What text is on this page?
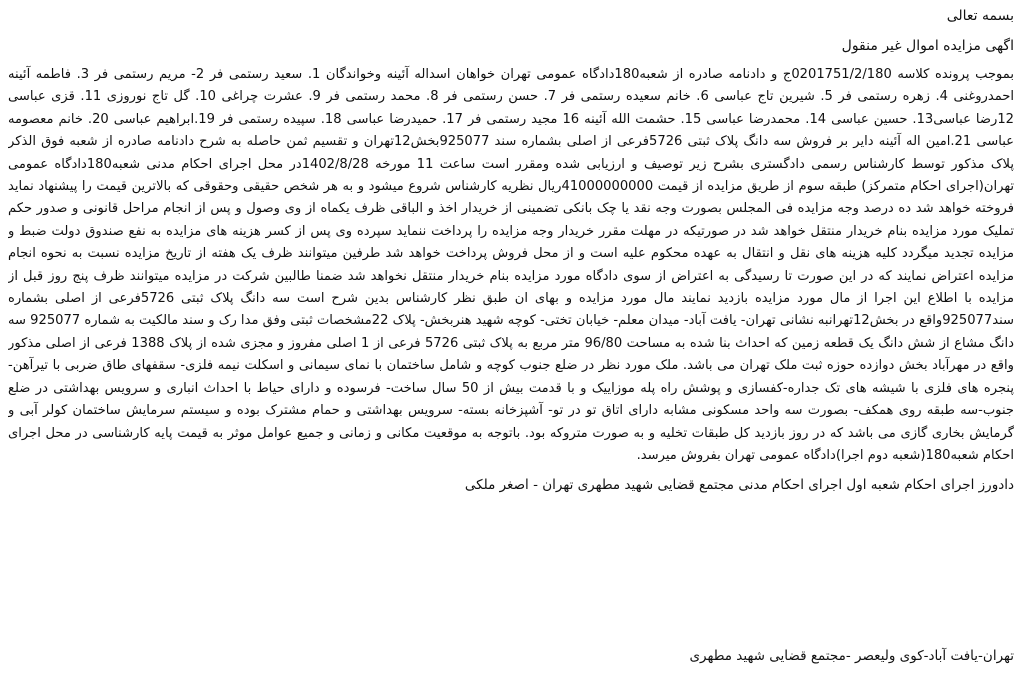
بسمه تعالی
اگهی مزایده اموال غیر منقول
بموجب پرونده کلاسه 0201751/2/180ج و دادنامه صادره از شعبه180دادگاه عمومی تهران خواهان اسداله آئینه وخواندگان 1. سعید رستمی فر 2- مریم رستمی فر 3. فاطمه آئینه احمدروغنی 4. زهره رستمی فر 5. شیرین تاج عباسی 6. خانم سعیده رستمی فر 7. حسن رستمی فر 8. محمد رستمی فر 9. عشرت چراغی 10. گل تاج نوروزی 11. قزی عباسی 12رضا عباسی13. حسین عباسی 14. محمدرضا عباسی 15. حشمت الله آئینه 16 مجید رستمی فر 17. حمیدرضا عباسی 18. سپیده رستمی فر 19.ابراهیم عباسی 20. خانم معصومه عباسی 21.امین اله آئینه دایر بر فروش سه دانگ پلاک ثبتی 5726فرعی از اصلی بشماره سند 925077بخش12تهران و تقسیم ثمن حاصله به شرح دادنامه صادره از شعبه فوق الذکر پلاک مذکور توسط کارشناس رسمی دادگستری بشرح زیر توصیف و ارزیابی شده ومقرر است ساعت 11 مورخه 1402/8/28در محل اجرای احکام مدنی شعبه180دادگاه عمومی تهران(اجرای احکام متمرکز) طبقه سوم از طریق مزایده از قیمت 41000000000ریال نظریه کارشناس شروع میشود و به هر شخص حقیقی وحقوقی که بالاترین قیمت را پیشنهاد نماید فروخته خواهد شد ده درصد وجه مزایده فی المجلس بصورت وجه نقد یا چک بانکی تضمینی از خریدار اخذ و الباقی ظرف یکماه از وی وصول و پس از انجام مراحل قانونی و صدور حکم تملیک مورد مزایده بنام خریدار منتقل خواهد شد در صورتیکه در مهلت مقرر خریدار وجه مزایده را پرداخت ننماید سپرده وی پس از کسر هزینه های مزایده به نفع صندوق دولت ضبط و مزایده تجدید میگردد کلیه هزینه های نقل و انتقال به عهده محکوم علیه است و از محل فروش پرداخت خواهد شد طرفین میتوانند ظرف یک هفته از تاریخ مزایده نسبت به نحوه انجام مزایده اعتراض نمایند که در این صورت تا رسیدگی به اعتراض از سوی دادگاه مورد مزایده بنام خریدار منتقل نخواهد شد ضمنا طالبین شرکت در مزایده میتوانند ظرف پنج روز قبل از مزایده با اطلاع این اجرا از مال مورد مزایده بازدید نمایند مال مورد مزایده و بهای ان طبق نظر کارشناس بدین شرح است سه دانگ پلاک ثبتی 5726فرعی از اصلی بشماره سند925077واقع در بخش12تهرانبه نشانی تهران- یافت آباد- میدان معلم- خیابان تختی- کوچه شهید هنربخش- پلاک 22مشخصات ثبتی وفق مدا رک و سند مالکیت به شماره 925077 سه دانگ مشاع از شش دانگ یک قطعه زمین که احداث بنا شده به مساحت 96/80 متر مربع به پلاک ثبتی 5726 فرعی از 1 اصلی مفروز و مجزی شده از پلاک 1388 فرعی از اصلی مذکور واقع در مهرآباد بخش دوازده حوزه ثبت ملک تهران می باشد. ملک مورد نظر در ضلع جنوب کوچه و شامل ساختمان با نمای سیمانی و اسکلت نیمه فلزی- سقفهای طاق ضربی با تیرآهن-پنجره های فلزی با شیشه های تک جداره-کفسازی و پوشش راه پله موزاییک و با قدمت بیش از 50 سال ساخت- فرسوده و دارای حیاط با احداث انباری و سرویس بهداشتی در ضلع جنوب-سه طبقه روی همکف- بصورت سه واحد مسکونی مشابه دارای اتاق تو در تو- آشپزخانه بسته- سرویس بهداشتی و حمام مشترک بوده و سیستم سرمایش ساختمان کولر آبی و گرمایش بخاری گازی می باشد که در روز بازدید کل طبقات تخلیه و به صورت متروکه بود. باتوجه به موقعیت مکانی و زمانی و جمیع عوامل موثر به قیمت پایه کارشناسی در محل اجرای احکام شعبه180(شعبه دوم اجرا)دادگاه عمومی تهران بفروش میرسد.
دادورز اجرای احکام شعبه اول اجرای احکام مدنی مجتمع قضایی شهید مطهری تهران - اصغر ملکی
تهران-یافت آباد-کوی ولیعصر -مجتمع قضایی شهید مطهری
